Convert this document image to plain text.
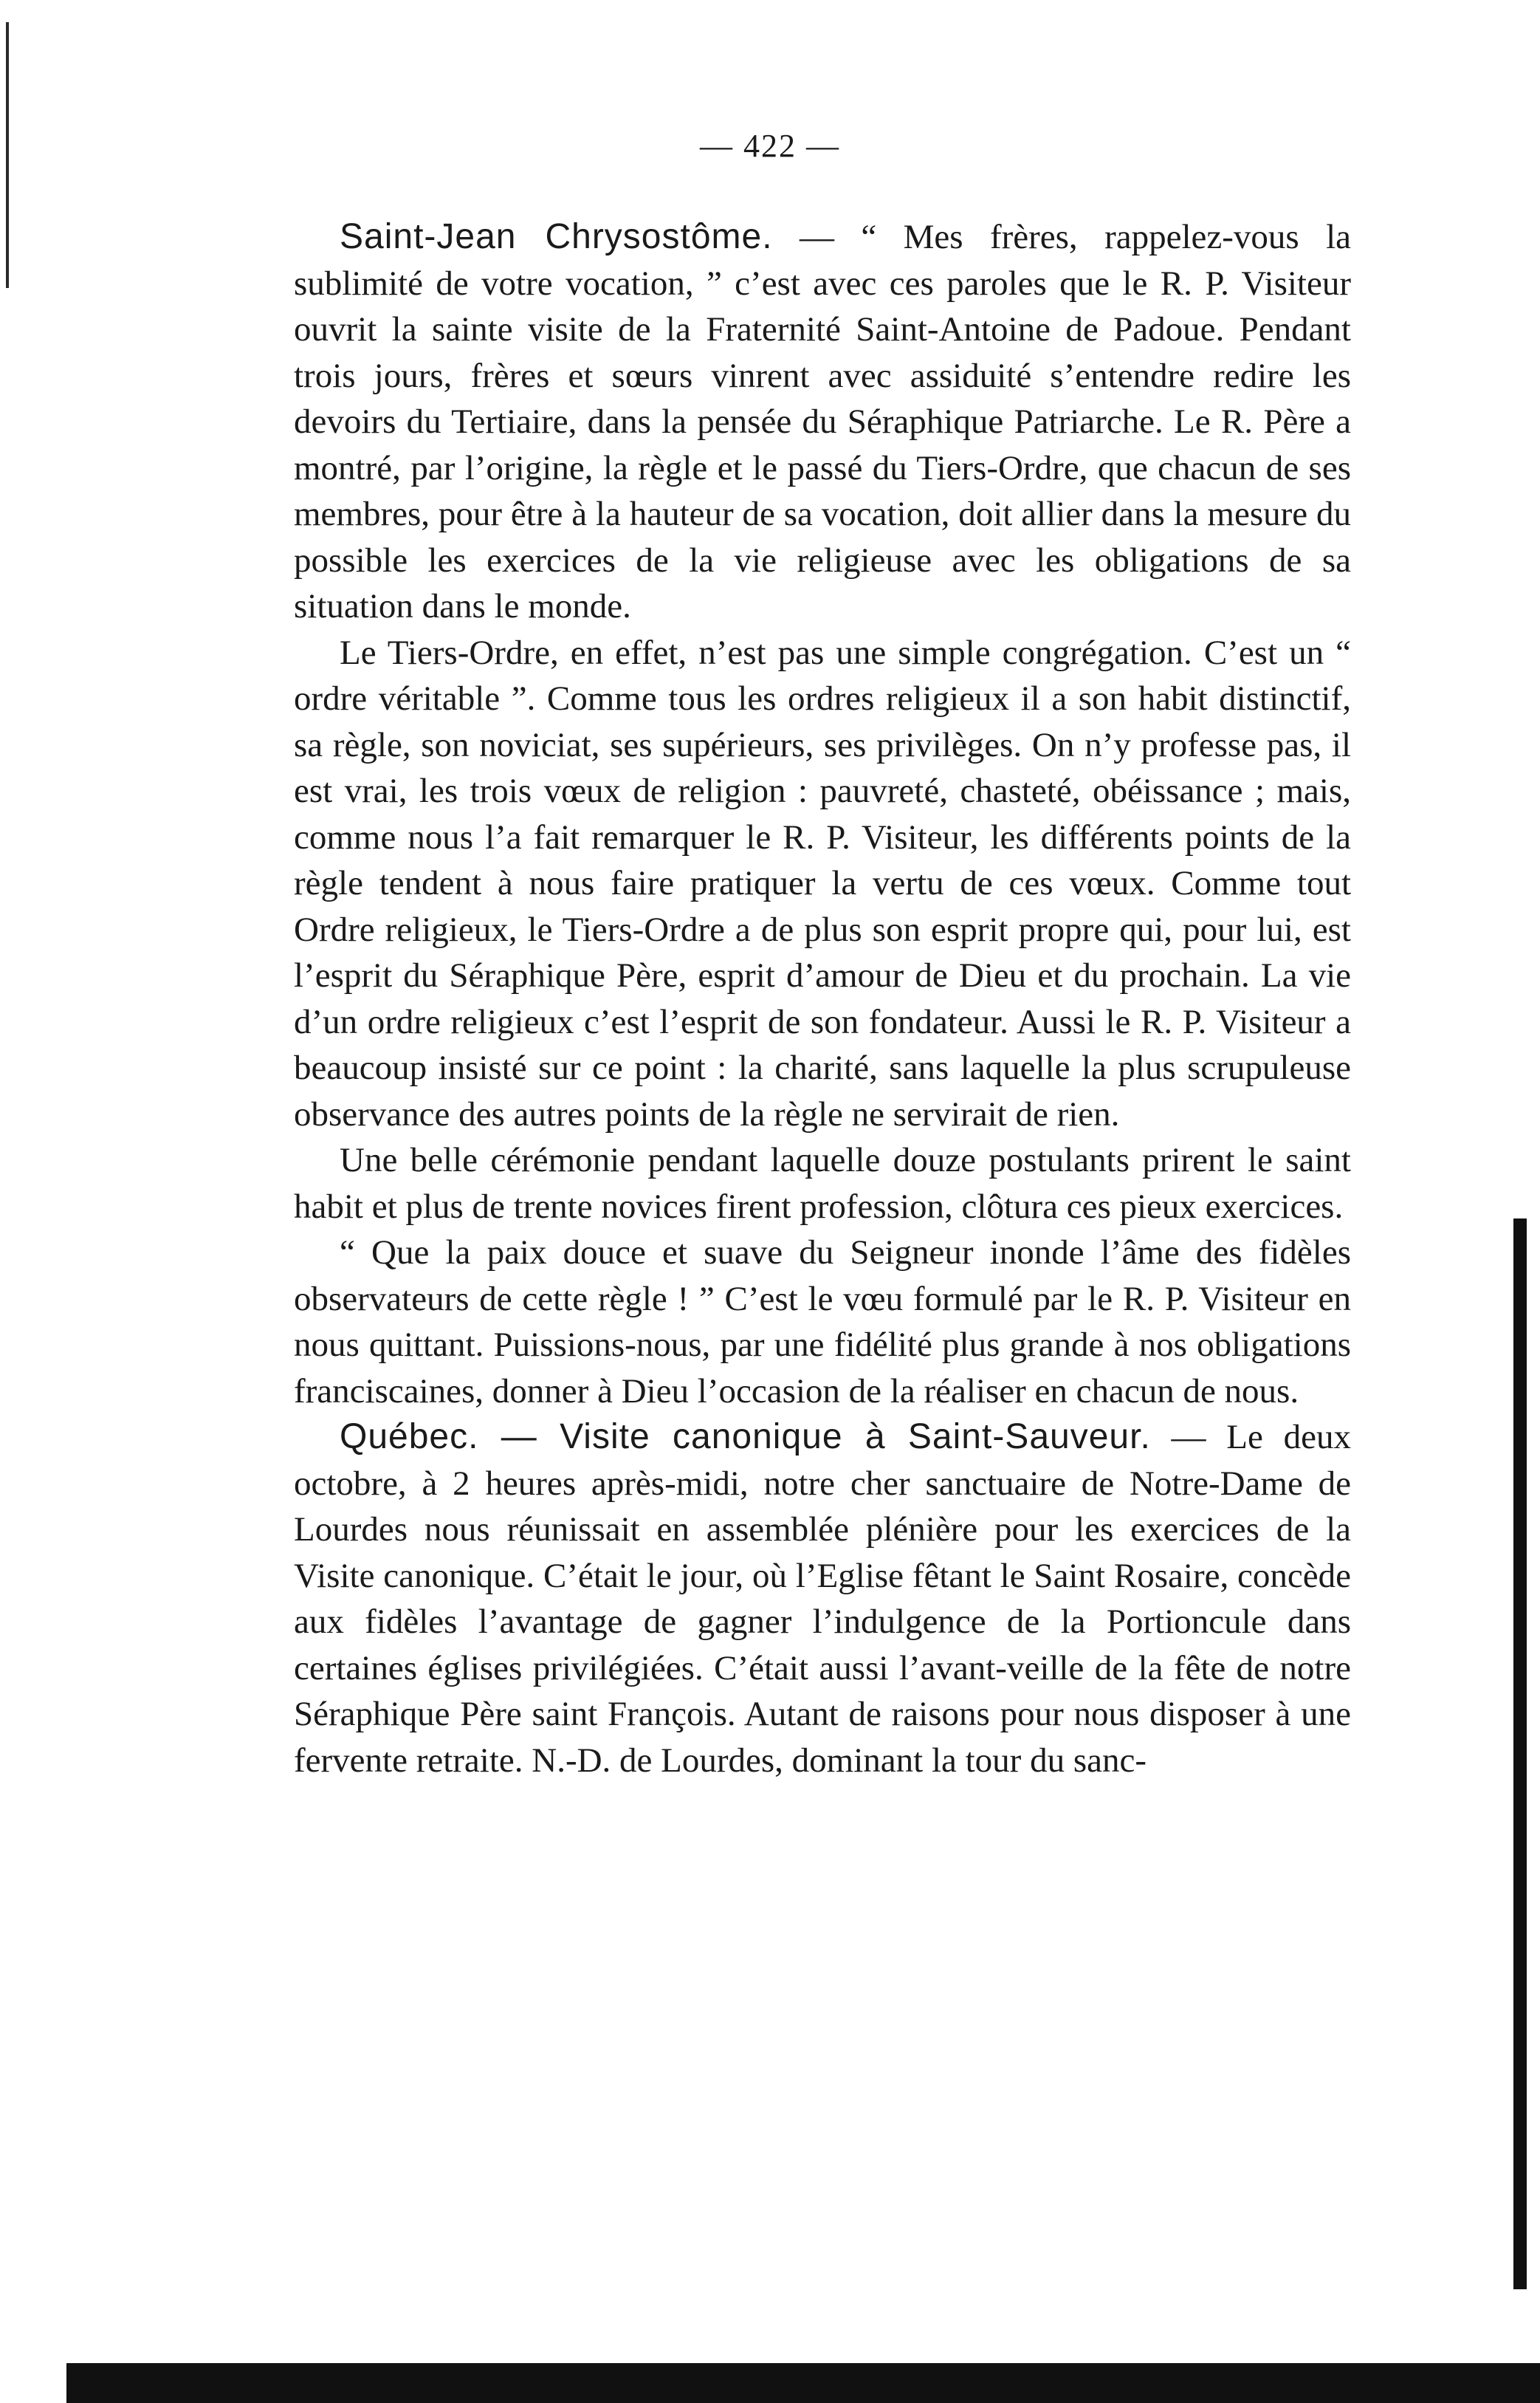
— 422 —

Saint-Jean Chrysostôme. — “ Mes frères, rappelez-vous la sublimité de votre vocation, ” c’est avec ces paroles que le R. P. Visiteur ouvrit la sainte visite de la Fraternité Saint-Antoine de Padoue. Pendant trois jours, frères et sœurs vinrent avec assiduité s’entendre redire les devoirs du Tertiaire, dans la pensée du Séraphique Patriarche. Le R. Père a montré, par l’origine, la règle et le passé du Tiers-Ordre, que chacun de ses membres, pour être à la hauteur de sa vocation, doit allier dans la mesure du possible les exercices de la vie religieuse avec les obligations de sa situation dans le monde.

Le Tiers-Ordre, en effet, n’est pas une simple congrégation. C’est un “ ordre véritable ”. Comme tous les ordres religieux il a son habit distinctif, sa règle, son noviciat, ses supérieurs, ses privilèges. On n’y professe pas, il est vrai, les trois vœux de religion : pauvreté, chasteté, obéissance ; mais, comme nous l’a fait remarquer le R. P. Visiteur, les différents points de la règle tendent à nous faire pratiquer la vertu de ces vœux. Comme tout Ordre religieux, le Tiers-Ordre a de plus son esprit propre qui, pour lui, est l’esprit du Séraphique Père, esprit d’amour de Dieu et du prochain. La vie d’un ordre religieux c’est l’esprit de son fondateur. Aussi le R. P. Visiteur a beaucoup insisté sur ce point : la charité, sans laquelle la plus scrupuleuse observance des autres points de la règle ne servirait de rien.

Une belle cérémonie pendant laquelle douze postulants prirent le saint habit et plus de trente novices firent profession, clôtura ces pieux exercices.

“ Que la paix douce et suave du Seigneur inonde l’âme des fidèles observateurs de cette règle ! ” C’est le vœu formulé par le R. P. Visiteur en nous quittant. Puissions-nous, par une fidélité plus grande à nos obligations franciscaines, donner à Dieu l’occasion de la réaliser en chacun de nous.

Québec. — Visite canonique à Saint-Sauveur. — Le deux octobre, à 2 heures après-midi, notre cher sanctuaire de Notre-Dame de Lourdes nous réunissait en assemblée plénière pour les exercices de la Visite canonique. C’était le jour, où l’Eglise fêtant le Saint Rosaire, concède aux fidèles l’avantage de gagner l’indulgence de la Portioncule dans certaines églises privilégiées. C’était aussi l’avant-veille de la fête de notre Séraphique Père saint François. Autant de raisons pour nous disposer à une fervente retraite. N.-D. de Lourdes, dominant la tour du sanc-
